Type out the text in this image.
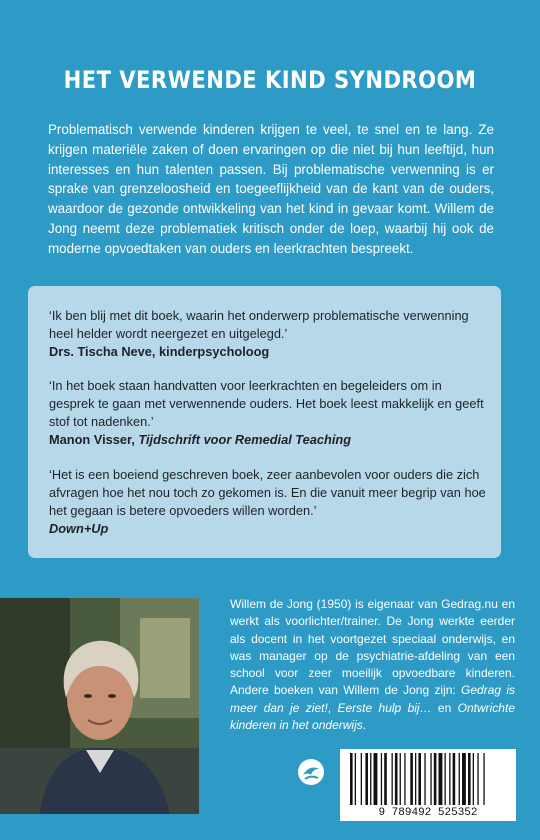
HET VERWENDE KIND SYNDROOM
Problematisch verwende kinderen krijgen te veel, te snel en te lang. Ze krijgen materiële zaken of doen ervaringen op die niet bij hun leeftijd, hun interesses en hun talenten passen. Bij problematische verwenning is er sprake van grenzeloosheid en toegeeflijkheid van de kant van de ouders, waardoor de gezonde ontwikkeling van het kind in gevaar komt. Willem de Jong neemt deze problematiek kritisch onder de loep, waarbij hij ook de moderne opvoedtaken van ouders en leerkrachten bespreekt.
‘Ik ben blij met dit boek, waarin het onderwerp problematische verwenning heel helder wordt neergezet en uitgelegd.’
Drs. Tischa Neve, kinderpsycholoog
‘In het boek staan handvatten voor leerkrachten en begeleiders om in gesprek te gaan met verwennende ouders. Het boek leest makkelijk en geeft stof tot nadenken.’
Manon Visser, Tijdschrift voor Remedial Teaching
‘Het is een boeiend geschreven boek, zeer aanbevolen voor ouders die zich afvragen hoe het nou toch zo gekomen is. En die vanuit meer begrip van hoe het gegaan is betere opvoeders willen worden.’
Down+Up
Willem de Jong (1950) is eigenaar van Gedrag.nu en werkt als voorlichter/trainer. De Jong werkte eerder als docent in het voortgezet speciaal onderwijs, en was manager op de psychiatrie-afdeling van een school voor zeer moeilijk opvoedbare kinderen. Andere boeken van Willem de Jong zijn: Gedrag is meer dan je ziet!, Eerste hulp bij… en Ontwrichte kinderen in het onderwijs.
9 789492 525352
